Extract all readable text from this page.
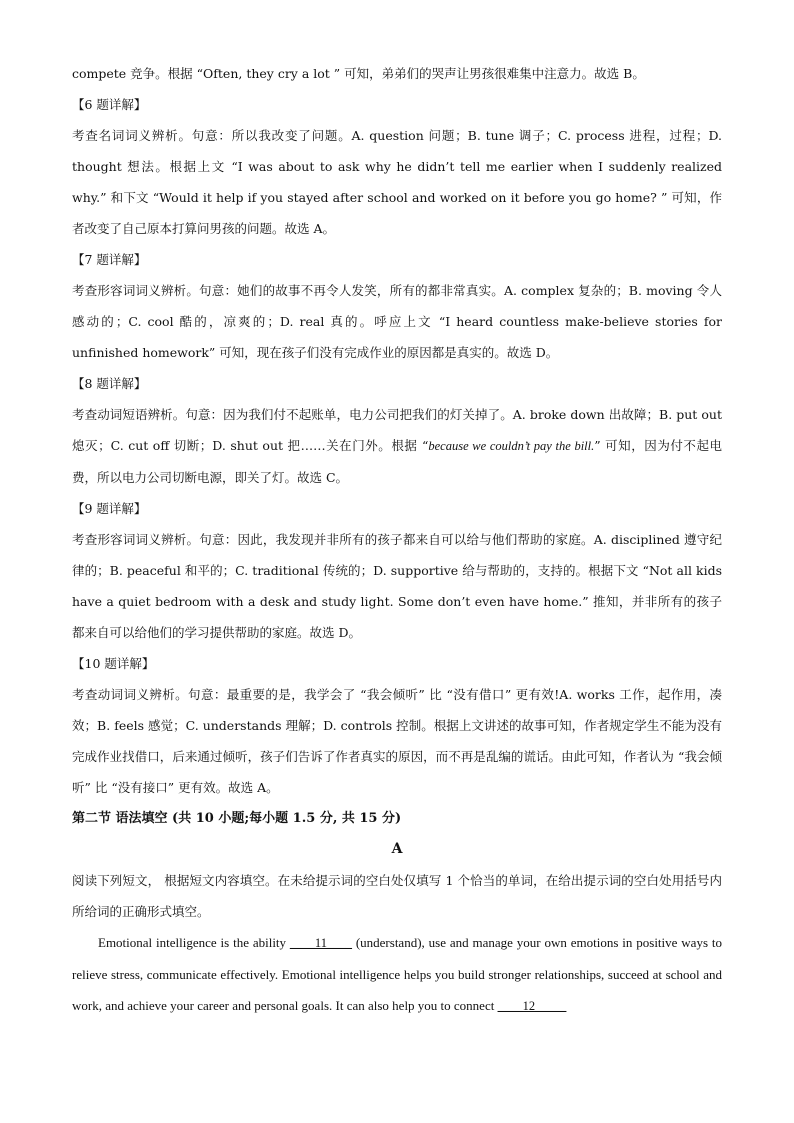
compete 竞争。根据 “Often, they cry a lot ” 可知，弟弟们的哭声让男孩很难集中注意力。故选 B。

【6 题详解】

考查名词词义辨析。句意：所以我改变了问题。A. question 问题；B. tune 调子；C. process 进程，过程；D. thought 想法。根据上文 “I was about to ask why he didn’t tell me earlier when I suddenly realized why.” 和下文 “Would it help if you stayed after school and worked on it before you go home? ” 可知，作者改变了自己原本打算问男孩的问题。故选 A。

【7 题详解】

考查形容词词义辨析。句意：她们的故事不再令人发笑，所有的都非常真实。A. complex 复杂的；B. moving 令人感动的；C. cool 酷的，凉爽的；D. real 真的。呼应上文 “I heard countless make-believe stories for unfinished homework” 可知，现在孩子们没有完成作业的原因都是真实的。故选 D。

【8 题详解】

考查动词短语辨析。句意：因为我们付不起账单，电力公司把我们的灯关掉了。A. broke down 出故障；B. put out 熄灭；C. cut off 切断；D. shut out 把……关在门外。根据 “because we couldn’t pay the bill.” 可知，因为付不起电费，所以电力公司切断电源，即关了灯。故选 C。

【9 题详解】

考查形容词词义辨析。句意：因此，我发现并非所有的孩子都来自可以给与他们帮助的家庭。A. disciplined 遵守纪律的；B. peaceful 和平的；C. traditional 传统的；D. supportive 给与帮助的，支持的。根据下文 “Not all kids have a quiet bedroom with a desk and study light. Some don’t even have home.” 推知，并非所有的孩子都来自可以给他们的学习提供帮助的家庭。故选 D。

【10 题详解】

考查动词词义辨析。句意：最重要的是，我学会了 “我会倾听” 比 “没有借口” 更有效!A. works 工作，起作用，凑效；B. feels 感觉；C. understands 理解；D. controls 控制。根据上文讲述的故事可知，作者规定学生不能为没有完成作业找借口，后来通过倾听，孩子们告诉了作者真实的原因，而不再是乱编的谎话。由此可知，作者认为 “我会倾听” 比 “没有接口” 更有效。故选 A。

第二节 语法填空 (共 10 小题;每小题 1.5 分, 共 15 分)

A

阅读下列短文， 根据短文内容填空。在未给提示词的空白处仅填写 1 个恰当的单词，在给出提示词的空白处用括号内所给词的正确形式填空。

Emotional intelligence is the ability ____11____ (understand), use and manage your own emotions in positive ways to relieve stress, communicate effectively. Emotional intelligence helps you build stronger relationships, succeed at school and work, and achieve your career and personal goals. It can also help you to connect ____12_____
